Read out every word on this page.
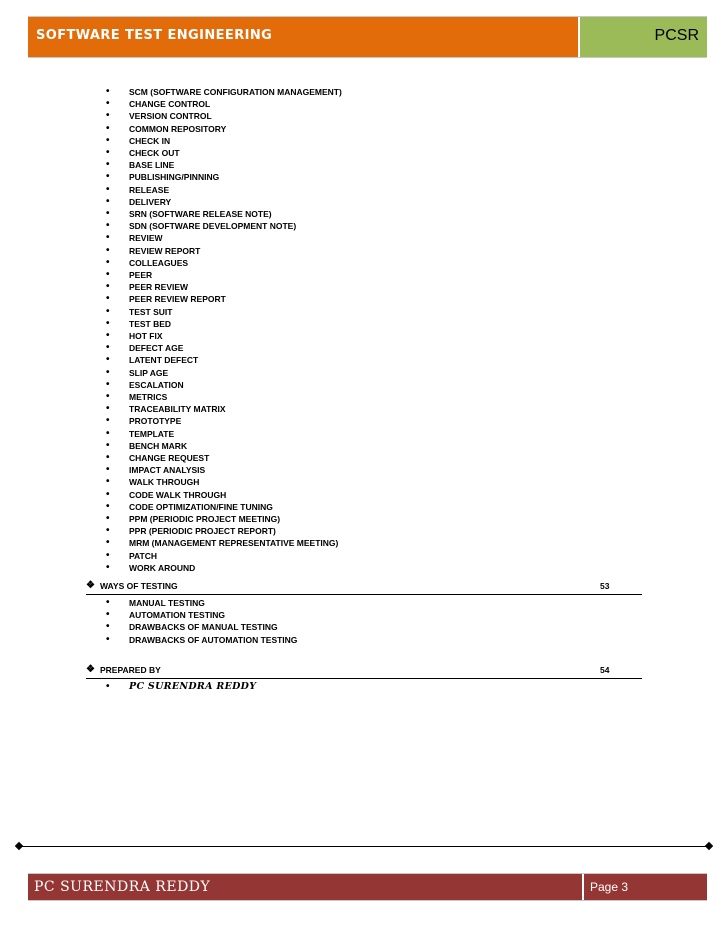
SOFTWARE TEST ENGINEERING	PCSR
• SCM (SOFTWARE CONFIGURATION MANAGEMENT)
• CHANGE CONTROL
• VERSION CONTROL
• COMMON REPOSITORY
• CHECK IN
• CHECK OUT
• BASE LINE
• PUBLISHING/PINNING
• RELEASE
• DELIVERY
• SRN (SOFTWARE RELEASE NOTE)
• SDN (SOFTWARE DEVELOPMENT NOTE)
• REVIEW
• REVIEW REPORT
• COLLEAGUES
• PEER
• PEER REVIEW
• PEER REVIEW REPORT
• TEST SUIT
• TEST BED
• HOT FIX
• DEFECT AGE
• LATENT DEFECT
• SLIP AGE
• ESCALATION
• METRICS
• TRACEABILITY MATRIX
• PROTOTYPE
• TEMPLATE
• BENCH MARK
• CHANGE REQUEST
• IMPACT ANALYSIS
• WALK THROUGH
• CODE WALK THROUGH
• CODE OPTIMIZATION/FINE TUNING
• PPM (PERIODIC PROJECT MEETING)
• PPR (PERIODIC PROJECT REPORT)
• MRM (MANAGEMENT REPRESENTATIVE MEETING)
• PATCH
• WORK AROUND
❖ WAYS OF TESTING	53
• MANUAL TESTING
• AUTOMATION TESTING
• DRAWBACKS OF MANUAL TESTING
• DRAWBACKS OF AUTOMATION TESTING
❖ PREPARED BY	54
• PC SURENDRA REDDY
PC SURENDRA REDDY	Page 3
